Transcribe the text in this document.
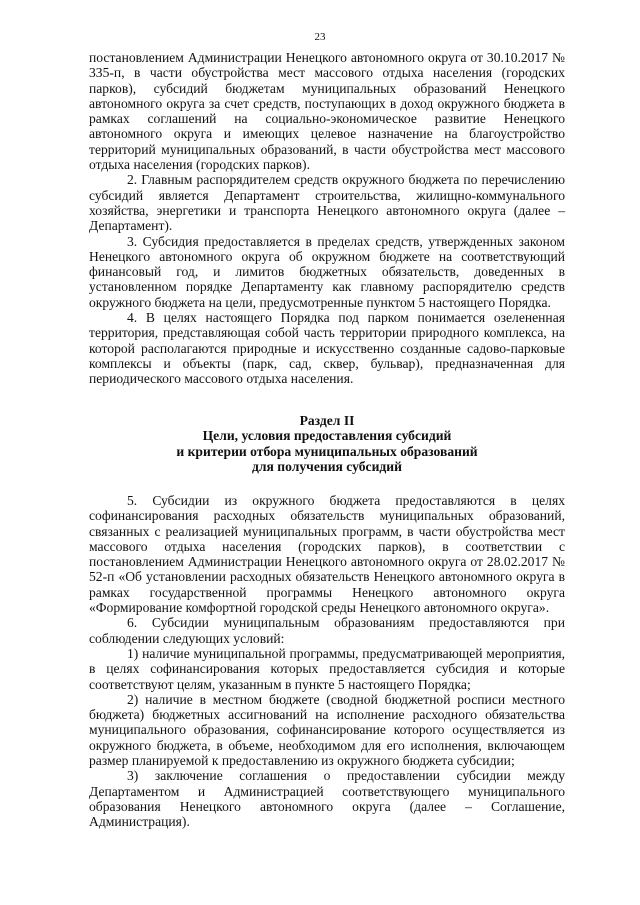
23

постановлением Администрации Ненецкого автономного округа от 30.10.2017 № 335-п, в части обустройства мест массового отдыха населения (городских парков), субсидий бюджетам муниципальных образований Ненецкого автономного округа за счет средств, поступающих в доход окружного бюджета в рамках соглашений на социально-экономическое развитие Ненецкого автономного округа и имеющих целевое назначение на благоустройство территорий муниципальных образований, в части обустройства мест массового отдыха населения (городских парков).

2. Главным распорядителем средств окружного бюджета по перечислению субсидий является Департамент строительства, жилищно-коммунального хозяйства, энергетики и транспорта Ненецкого автономного округа (далее – Департамент).

3. Субсидия предоставляется в пределах средств, утвержденных законом Ненецкого автономного округа об окружном бюджете на соответствующий финансовый год, и лимитов бюджетных обязательств, доведенных в установленном порядке Департаменту как главному распорядителю средств окружного бюджета на цели, предусмотренные пунктом 5 настоящего Порядка.

4. В целях настоящего Порядка под парком понимается озелененная территория, представляющая собой часть территории природного комплекса, на которой располагаются природные и искусственно созданные садово-парковые комплексы и объекты (парк, сад, сквер, бульвар), предназначенная для периодического массового отдыха населения.

Раздел II
Цели, условия предоставления субсидий
и критерии отбора муниципальных образований
для получения субсидий

5. Субсидии из окружного бюджета предоставляются в целях софинансирования расходных обязательств муниципальных образований, связанных с реализацией муниципальных программ, в части обустройства мест массового отдыха населения (городских парков), в соответствии с постановлением Администрации Ненецкого автономного округа от 28.02.2017 № 52-п «Об установлении расходных обязательств Ненецкого автономного округа в рамках государственной программы Ненецкого автономного округа «Формирование комфортной городской среды Ненецкого автономного округа».

6. Субсидии муниципальным образованиям предоставляются при соблюдении следующих условий:

1) наличие муниципальной программы, предусматривающей мероприятия, в целях софинансирования которых предоставляется субсидия и которые соответствуют целям, указанным в пункте 5 настоящего Порядка;

2) наличие в местном бюджете (сводной бюджетной росписи местного бюджета) бюджетных ассигнований на исполнение расходного обязательства муниципального образования, софинансирование которого осуществляется из окружного бюджета, в объеме, необходимом для его исполнения, включающем размер планируемой к предоставлению из окружного бюджета субсидии;

3) заключение соглашения о предоставлении субсидии между Департаментом и Администрацией соответствующего муниципального образования Ненецкого автономного округа (далее – Соглашение, Администрация).
